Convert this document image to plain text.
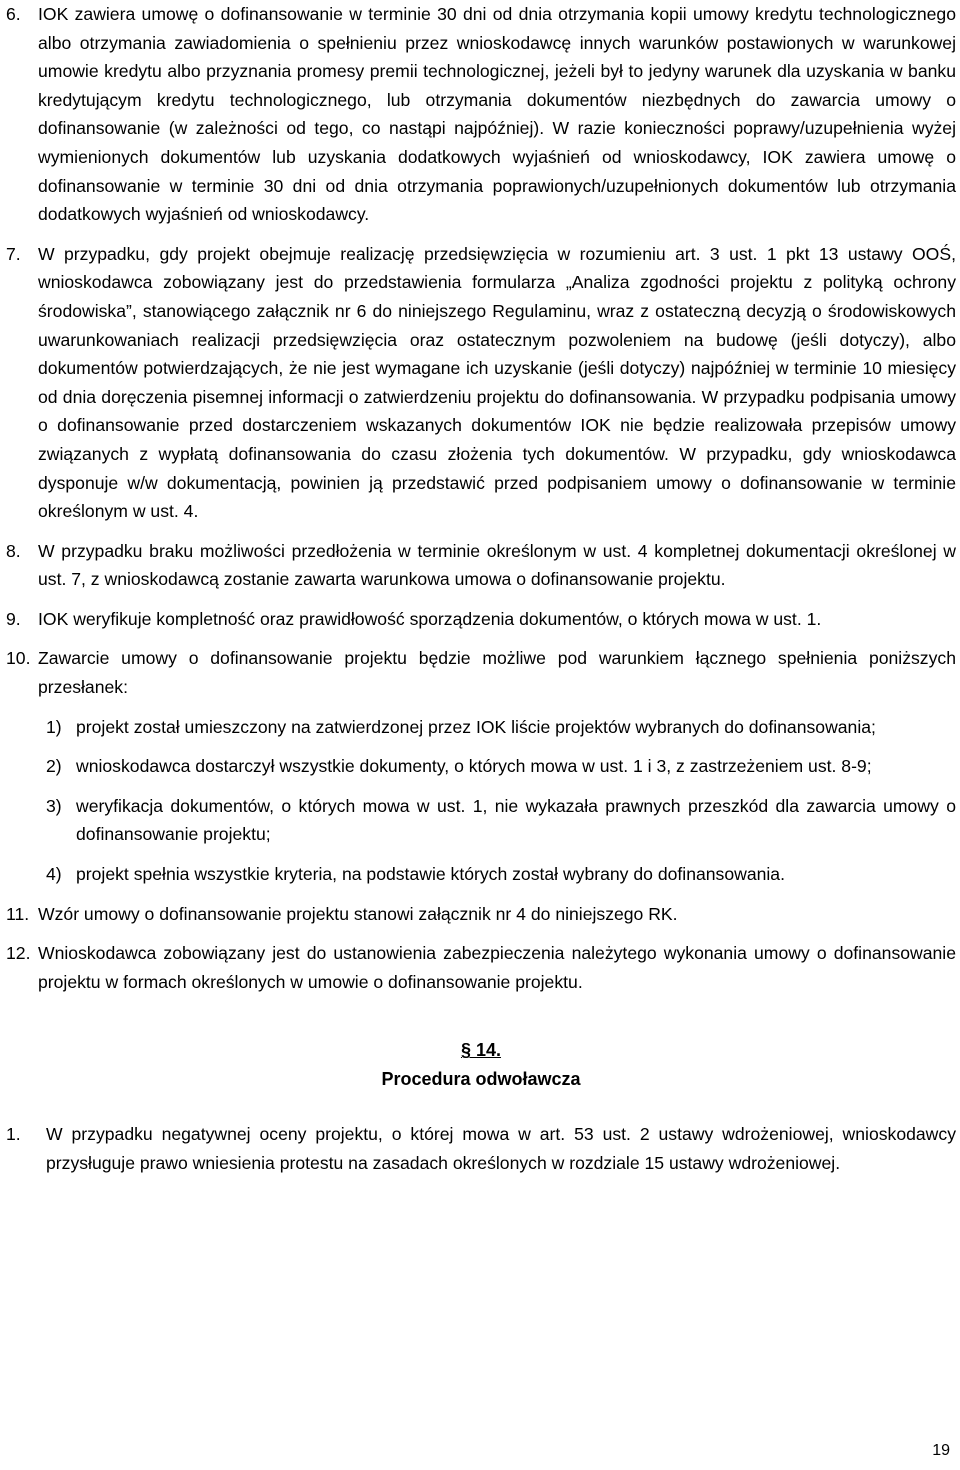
6. IOK zawiera umowę o dofinansowanie w terminie 30 dni od dnia otrzymania kopii umowy kredytu technologicznego albo otrzymania zawiadomienia o spełnieniu przez wnioskodawcę innych warunków postawionych w warunkowej umowie kredytu albo przyznania promesy premii technologicznej, jeżeli był to jedyny warunek dla uzyskania w banku kredytującym kredytu technologicznego, lub otrzymania dokumentów niezbędnych do zawarcia umowy o dofinansowanie (w zależności od tego, co nastąpi najpóźniej). W razie konieczności poprawy/uzupełnienia wyżej wymienionych dokumentów lub uzyskania dodatkowych wyjaśnień od wnioskodawcy, IOK zawiera umowę o dofinansowanie w terminie 30 dni od dnia otrzymania poprawionych/uzupełnionych dokumentów lub otrzymania dodatkowych wyjaśnień od wnioskodawcy.

7. W przypadku, gdy projekt obejmuje realizację przedsięwzięcia w rozumieniu art. 3 ust. 1 pkt 13 ustawy OOŚ, wnioskodawca zobowiązany jest do przedstawienia formularza „Analiza zgodności projektu z polityką ochrony środowiska”, stanowiącego załącznik nr 6 do niniejszego Regulaminu, wraz z ostateczną decyzją o środowiskowych uwarunkowaniach realizacji przedsięwzięcia oraz ostatecznym pozwoleniem na budowę (jeśli dotyczy), albo dokumentów potwierdzających, że nie jest wymagane ich uzyskanie (jeśli dotyczy) najpóźniej w terminie 10 miesięcy od dnia doręczenia pisemnej informacji o zatwierdzeniu projektu do dofinansowania. W przypadku podpisania umowy o dofinansowanie przed dostarczeniem wskazanych dokumentów IOK nie będzie realizowała przepisów umowy związanych z wypłatą dofinansowania do czasu złożenia tych dokumentów. W przypadku, gdy wnioskodawca dysponuje w/w dokumentacją, powinien ją przedstawić przed podpisaniem umowy o dofinansowanie w terminie określonym w ust. 4.

8. W przypadku braku możliwości przedłożenia w terminie określonym w ust. 4 kompletnej dokumentacji określonej w ust. 7, z wnioskodawcą zostanie zawarta warunkowa umowa o dofinansowanie projektu.

9. IOK weryfikuje kompletność oraz prawidłowość sporządzenia dokumentów, o których mowa w ust. 1.

10. Zawarcie umowy o dofinansowanie projektu będzie możliwe pod warunkiem łącznego spełnienia poniższych przesłanek:

1) projekt został umieszczony na zatwierdzonej przez IOK liście projektów wybranych do dofinansowania;

2) wnioskodawca dostarczył wszystkie dokumenty, o których mowa w ust. 1 i 3, z zastrzeżeniem ust. 8-9;

3) weryfikacja dokumentów, o których mowa w ust. 1, nie wykazała prawnych przeszkód dla zawarcia umowy o dofinansowanie projektu;

4) projekt spełnia wszystkie kryteria, na podstawie których został wybrany do dofinansowania.

11. Wzór umowy o dofinansowanie projektu stanowi załącznik nr 4 do niniejszego RK.

12. Wnioskodawca zobowiązany jest do ustanowienia zabezpieczenia należytego wykonania umowy o dofinansowanie projektu w formach określonych w umowie o dofinansowanie projektu.

§ 14.
Procedura odwoławcza

1. W przypadku negatywnej oceny projektu, o której mowa w art. 53 ust. 2 ustawy wdrożeniowej, wnioskodawcy przysługuje prawo wniesienia protestu na zasadach określonych w rozdziale 15 ustawy wdrożeniowej.

19
